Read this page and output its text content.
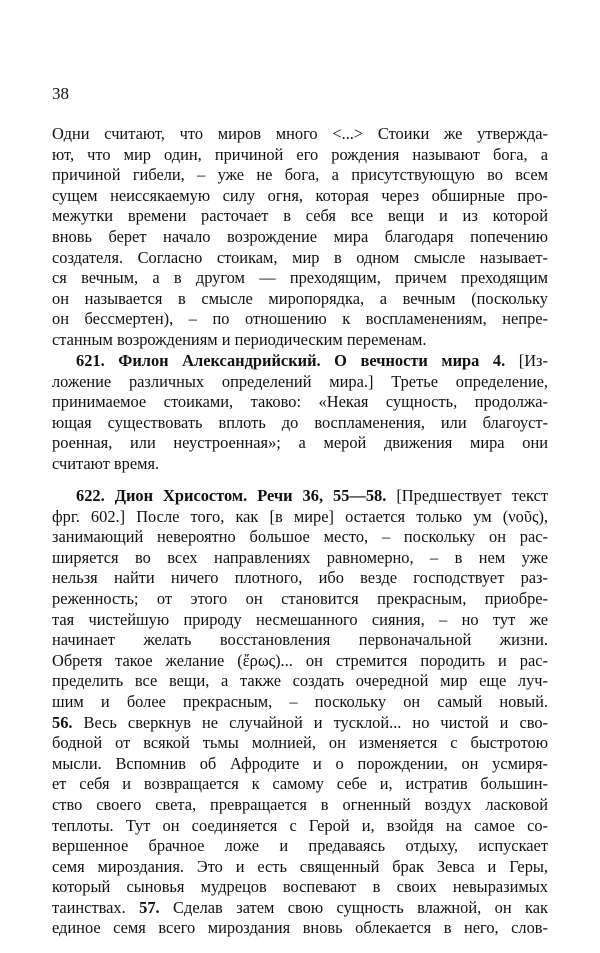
38
Одни считают, что миров много <...> Стоики же утвержда-
ют, что мир один, причиной его рождения называют бога, а
причиной гибели, – уже не бога, а присутствующую во всем
сущем неиссякаемую силу огня, которая через обширные про-
межутки времени расточает в себя все вещи и из которой
вновь берет начало возрождение мира благодаря попечению
создателя. Согласно стоикам, мир в одном смысле называет-
ся вечным, а в другом — преходящим, причем преходящим
он называется в смысле миропорядка, а вечным (поскольку
он бессмертен), – по отношению к воспламенениям, непре-
станным возрождениям и периодическим переменам.
621. Филон Александрийский. О вечности мира 4. [Из-
ложение различных определений мира.] Третье определение,
принимаемое стоиками, таково: «Некая сущность, продолжа-
ющая существовать вплоть до воспламенения, или благоуст-
роенная, или неустроенная»; а мерой движения мира они
считают время.
622. Дион Хрисостом. Речи 36, 55—58. [Предшествует текст
фрг. 602.] После того, как [в мире] остается только ум (νοῦς),
занимающий невероятно большое место, – поскольку он рас-
ширяется во всех направлениях равномерно, – в нем уже
нельзя найти ничего плотного, ибо везде господствует раз-
реженность; от этого он становится прекрасным, приобре-
тая чистейшую природу несмешанного сияния, – но тут же
начинает желать восстановления первоначальной жизни.
Обретя такое желание (ἔρως)... он стремится породить и рас-
пределить все вещи, а также создать очередной мир еще луч-
шим и более прекрасным, – поскольку он самый новый.
56. Весь сверкнув не случайной и тусклой... но чистой и сво-
бодной от всякой тьмы молнией, он изменяется с быстротою
мысли. Вспомнив об Афродите и о порождении, он усмиря-
ет себя и возвращается к самому себе и, истратив большин-
ство своего света, превращается в огненный воздух ласковой
теплоты. Тут он соединяется с Герой и, взойдя на самое со-
вершенное брачное ложе и предаваясь отдыху, испускает
семя мироздания. Это и есть священный брак Зевса и Геры,
который сыновья мудрецов воспевают в своих невыразимых
таинствах. 57. Сделав затем свою сущность влажной, он как
единое семя всего мироздания вновь облекается в него, слов-
